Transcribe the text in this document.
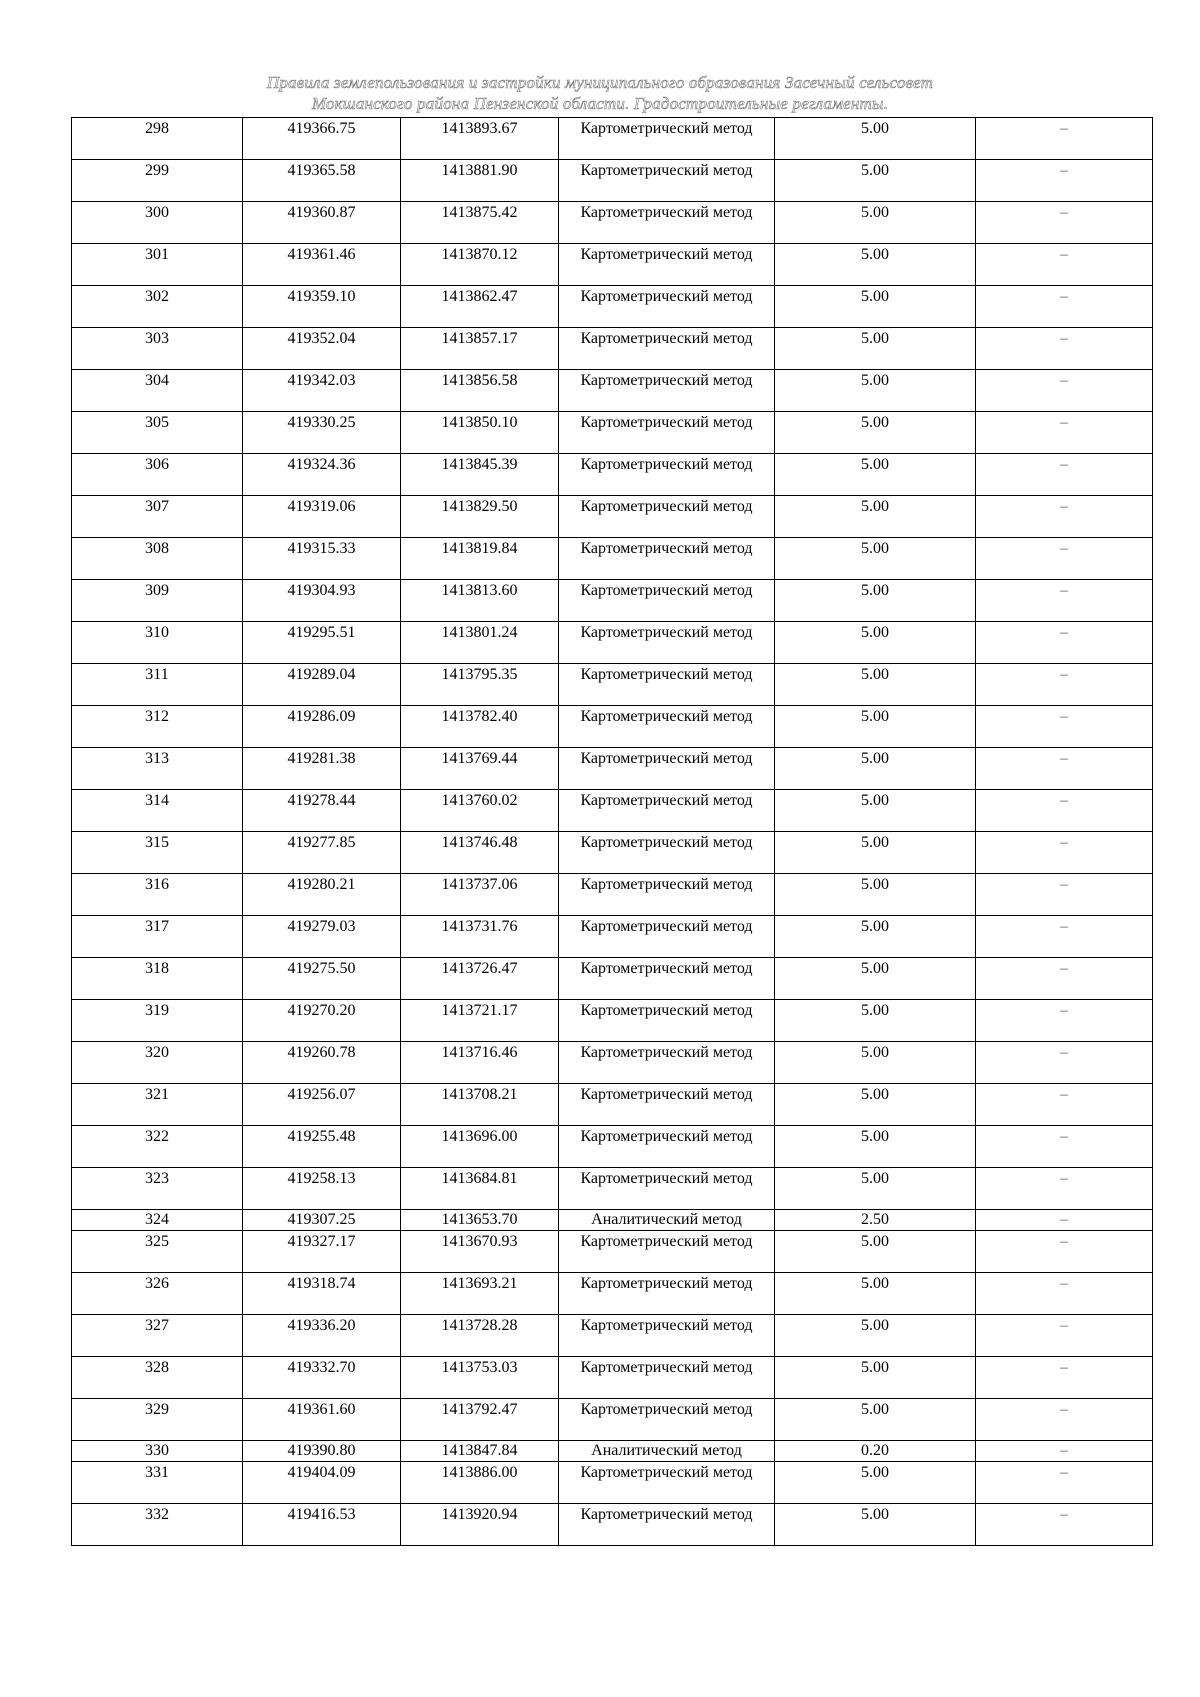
Правила землепользования и застройки муниципального образования Засечный сельсовет
Мокшанского района Пензенской области. Градостроительные регламенты.
298	419366.75	1413893.67	Картометрический метод	5.00	–
299	419365.58	1413881.90	Картометрический метод	5.00	–
300	419360.87	1413875.42	Картометрический метод	5.00	–
301	419361.46	1413870.12	Картометрический метод	5.00	–
302	419359.10	1413862.47	Картометрический метод	5.00	–
303	419352.04	1413857.17	Картометрический метод	5.00	–
304	419342.03	1413856.58	Картометрический метод	5.00	–
305	419330.25	1413850.10	Картометрический метод	5.00	–
306	419324.36	1413845.39	Картометрический метод	5.00	–
307	419319.06	1413829.50	Картометрический метод	5.00	–
308	419315.33	1413819.84	Картометрический метод	5.00	–
309	419304.93	1413813.60	Картометрический метод	5.00	–
310	419295.51	1413801.24	Картометрический метод	5.00	–
311	419289.04	1413795.35	Картометрический метод	5.00	–
312	419286.09	1413782.40	Картометрический метод	5.00	–
313	419281.38	1413769.44	Картометрический метод	5.00	–
314	419278.44	1413760.02	Картометрический метод	5.00	–
315	419277.85	1413746.48	Картометрический метод	5.00	–
316	419280.21	1413737.06	Картометрический метод	5.00	–
317	419279.03	1413731.76	Картометрический метод	5.00	–
318	419275.50	1413726.47	Картометрический метод	5.00	–
319	419270.20	1413721.17	Картометрический метод	5.00	–
320	419260.78	1413716.46	Картометрический метод	5.00	–
321	419256.07	1413708.21	Картометрический метод	5.00	–
322	419255.48	1413696.00	Картометрический метод	5.00	–
323	419258.13	1413684.81	Картометрический метод	5.00	–
324	419307.25	1413653.70	Аналитический метод	2.50	–
325	419327.17	1413670.93	Картометрический метод	5.00	–
326	419318.74	1413693.21	Картометрический метод	5.00	–
327	419336.20	1413728.28	Картометрический метод	5.00	–
328	419332.70	1413753.03	Картометрический метод	5.00	–
329	419361.60	1413792.47	Картометрический метод	5.00	–
330	419390.80	1413847.84	Аналитический метод	0.20	–
331	419404.09	1413886.00	Картометрический метод	5.00	–
332	419416.53	1413920.94	Картометрический метод	5.00	–
